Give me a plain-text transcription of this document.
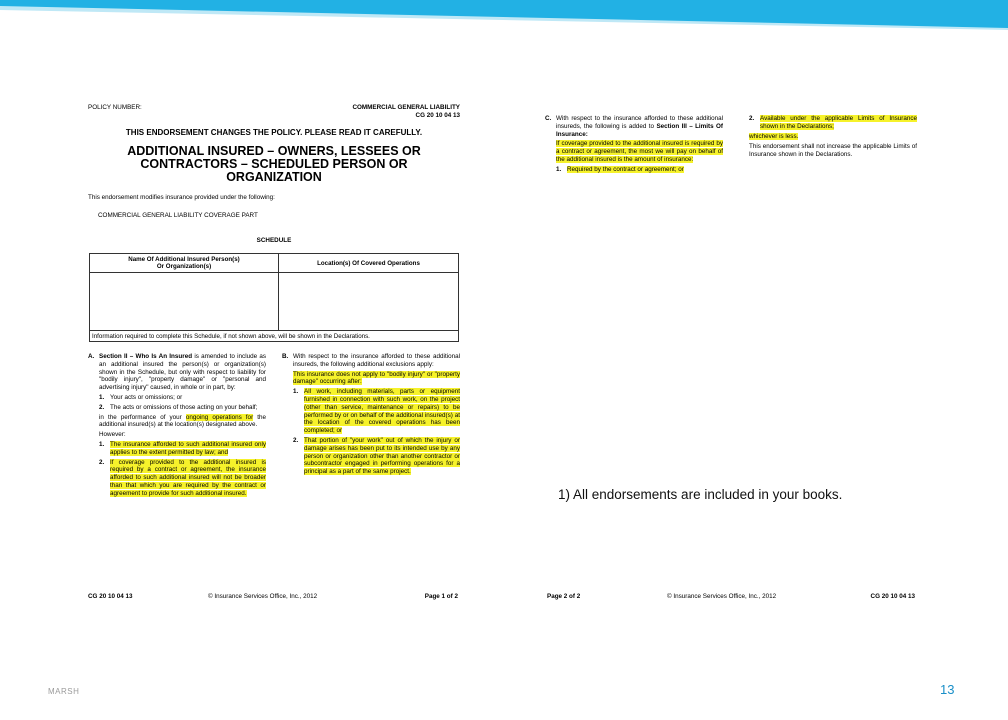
POLICY NUMBER:	COMMERCIAL GENERAL LIABILITY
CG 20 10 04 13
THIS ENDORSEMENT CHANGES THE POLICY. PLEASE READ IT CAREFULLY.
ADDITIONAL INSURED – OWNERS, LESSEES OR
CONTRACTORS – SCHEDULED PERSON OR
ORGANIZATION
This endorsement modifies insurance provided under the following:
COMMERCIAL GENERAL LIABILITY COVERAGE PART
SCHEDULE
Name Of Additional Insured Person(s)
Or Organization(s)	Location(s) Of Covered Operations

Information required to complete this Schedule, if not shown above, will be shown in the Declarations.	
A. Section II – Who Is An Insured is amended to include as an additional insured the person(s) or organization(s) shown in the Schedule, but only with respect to liability for "bodily injury", "property damage" or "personal and advertising injury" caused, in whole or in part, by:
1. Your acts or omissions; or
2. The acts or omissions of those acting on your behalf;
in the performance of your ongoing operations for the additional insured(s) at the location(s) designated above.
However:
1. The insurance afforded to such additional insured only applies to the extent permitted by law; and
2. If coverage provided to the additional insured is required by a contract or agreement, the insurance afforded to such additional insured will not be broader than that which you are required by the contract or agreement to provide for such additional insured.
B. With respect to the insurance afforded to these additional insureds, the following additional exclusions apply:
This insurance does not apply to "bodily injury" or "property damage" occurring after:
1. All work, including materials, parts or equipment furnished in connection with such work, on the project (other than service, maintenance or repairs) to be performed by or on behalf of the additional insured(s) at the location of the covered operations has been completed; or
2. That portion of "your work" out of which the injury or damage arises has been put to its intended use by any person or organization other than another contractor or subcontractor engaged in performing operations for a principal as a part of the same project.
CG 20 10 04 13	© Insurance Services Office, Inc., 2012	Page 1 of 2
C. With respect to the insurance afforded to these additional insureds, the following is added to Section III – Limits Of Insurance:
If coverage provided to the additional insured is required by a contract or agreement, the most we will pay on behalf of the additional insured is the amount of insurance:
1. Required by the contract or agreement; or
2. Available under the applicable Limits of Insurance shown in the Declarations;
whichever is less.
This endorsement shall not increase the applicable Limits of Insurance shown in the Declarations.
Page 2 of 2	© Insurance Services Office, Inc., 2012	CG 20 10 04 13
1) All endorsements are included in your books.
MARSH	13
